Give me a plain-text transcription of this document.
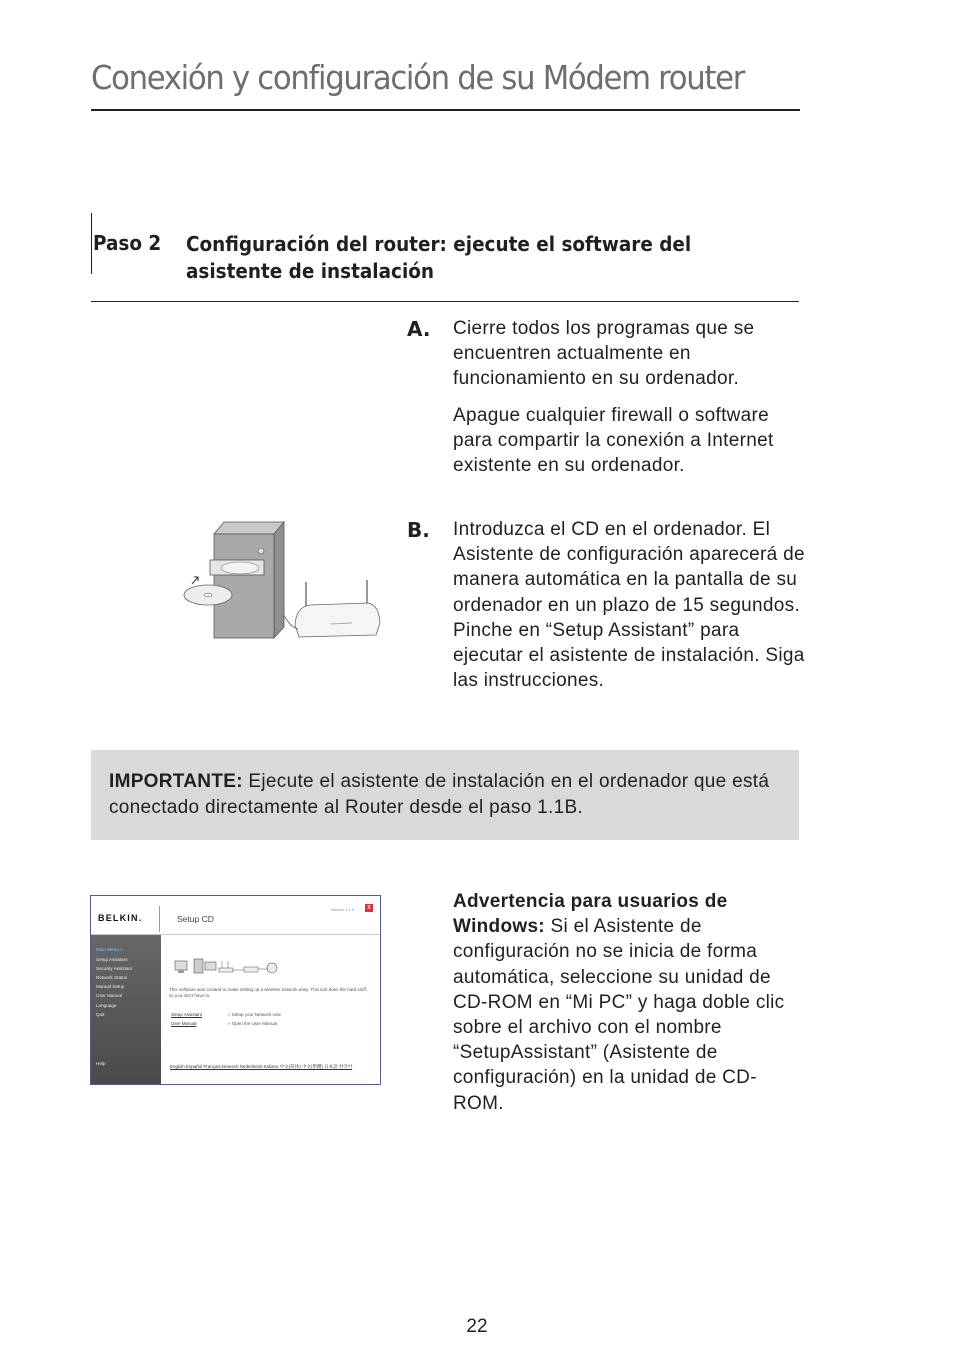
Conexión y configuración de su Módem router
Paso 2 Configuración del router: ejecute el software del asistente de instalación
A. Cierre todos los programas que se encuentren actualmente en funcionamiento en su ordenador.
Apague cualquier firewall o software para compartir la conexión a Internet existente en su ordenador.
B. Introduzca el CD en el ordenador. El Asistente de configuración aparecerá de manera automática en la pantalla de su ordenador en un plazo de 15 segundos. Pinche en “Setup Assistant” para ejecutar el asistente de instalación. Siga las instrucciones.
IMPORTANTE: Ejecute el asistente de instalación en el ordenador que está conectado directamente al Router desde el paso 1.1B.
BELKIN.	Setup CD
Version 1.1.0	x
Main Menu >
Setup Assistant
Security Assistant
Network Status
Manual Setup
User Manual
Language
Quit
Help
This software was created to make setting up a wireless network easy. This tool does the hard stuff, so you don't have to.
Setup Assistant	» Setup your Network now
User Manual	» Open the User Manual
English Español Français Deutsch Nederlands Italiano 中文(简体) 中文(繁體) 日本語 한국어
Advertencia para usuarios de Windows: Si el Asistente de configuración no se inicia de forma automática, seleccione su unidad de CD-ROM en “Mi PC” y haga doble clic sobre el archivo con el nombre “SetupAssistant” (Asistente de configuración) en la unidad de CD-ROM.
22
